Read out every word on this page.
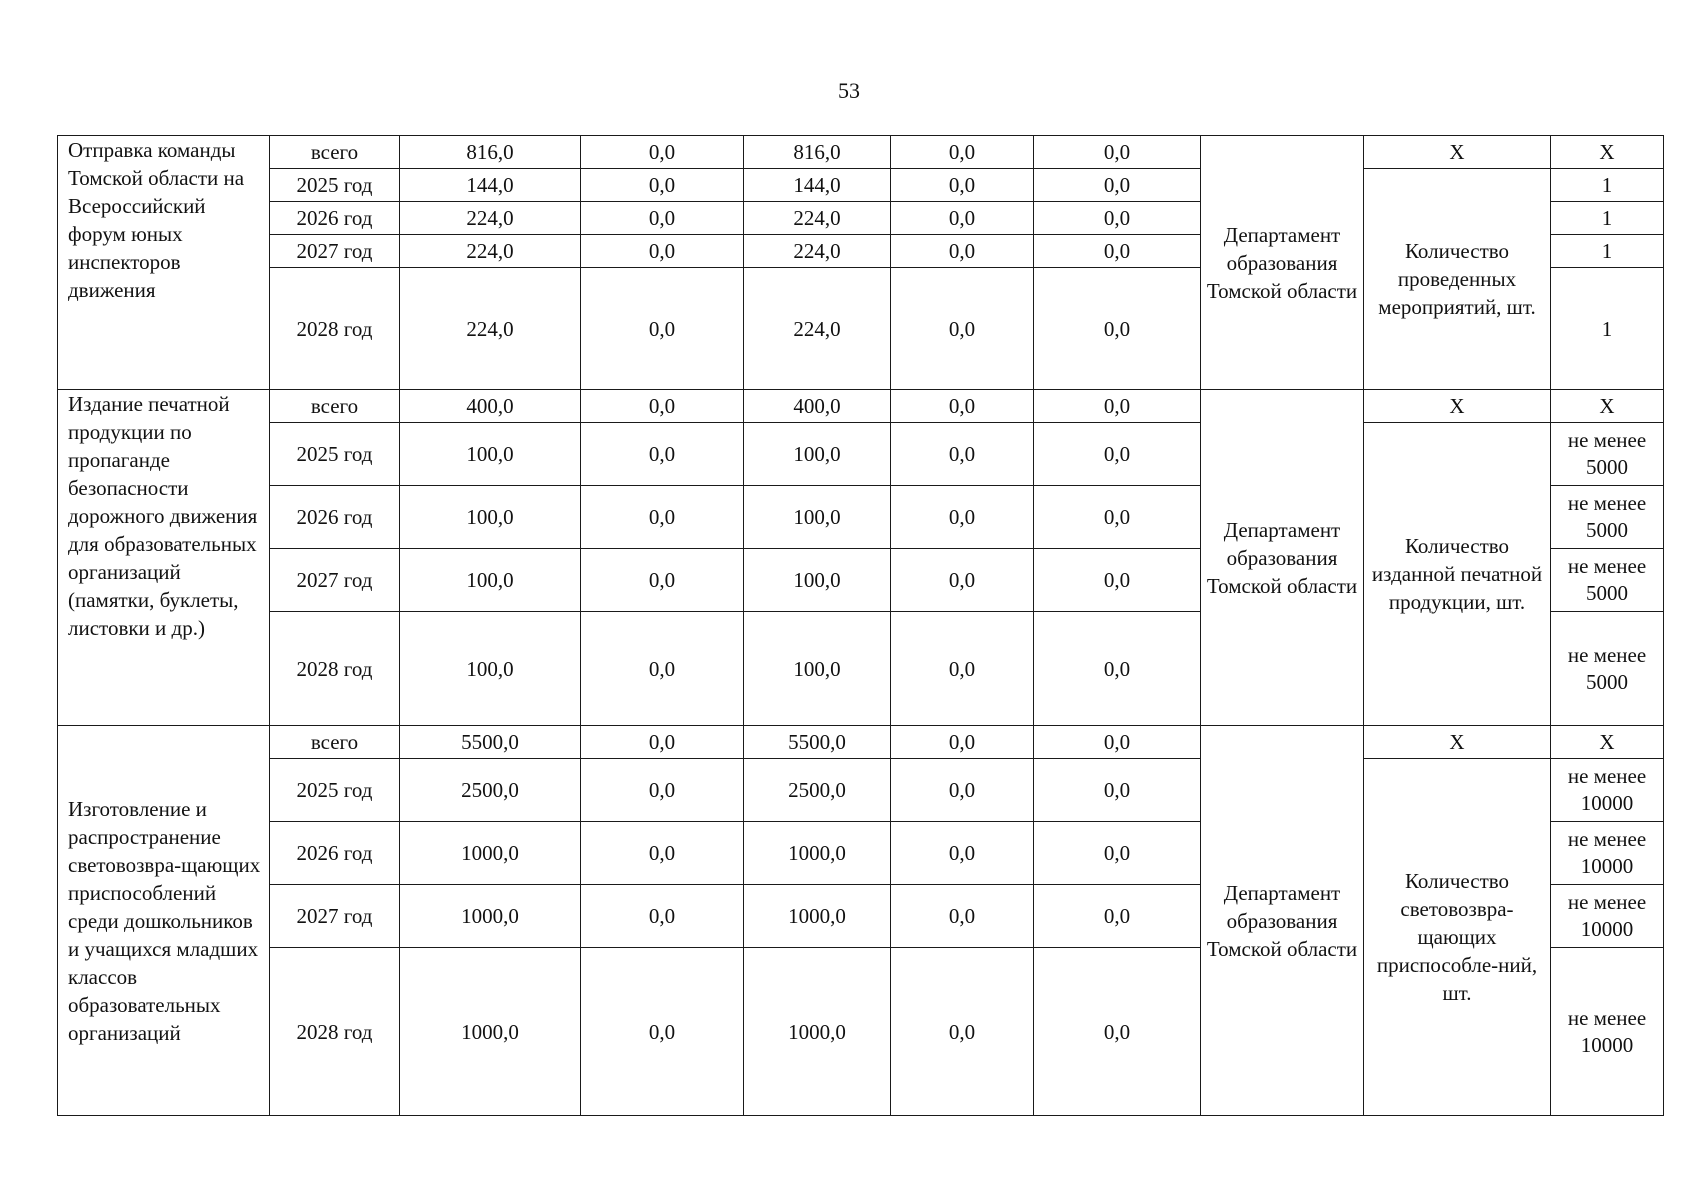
53
Отправка команды Томской области на Всероссийский форум юных инспекторов движения	всего	816,0	0,0	816,0	0,0	0,0	Департамент образования Томской области	Х	Х
	2025 год	144,0	0,0	144,0	0,0	0,0		Количество проведенных мероприятий, шт.	1
	2026 год	224,0	0,0	224,0	0,0	0,0			1
	2027 год	224,0	0,0	224,0	0,0	0,0			1
	2028 год	224,0	0,0	224,0	0,0	0,0			1
Издание печатной продукции по пропаганде безопасности дорожного движения для образовательных организаций (памятки, буклеты, листовки и др.)	всего	400,0	0,0	400,0	0,0	0,0	Департамент образования Томской области	Х	Х
	2025 год	100,0	0,0	100,0	0,0	0,0		Количество изданной печатной продукции, шт.	не менее 5000
	2026 год	100,0	0,0	100,0	0,0	0,0			не менее 5000
	2027 год	100,0	0,0	100,0	0,0	0,0			не менее 5000
	2028 год	100,0	0,0	100,0	0,0	0,0			не менее 5000
Изготовление и распространение световозвра-щающих приспособлений среди дошкольников и учащихся младших классов образовательных организаций	всего	5500,0	0,0	5500,0	0,0	0,0	Департамент образования Томской области	Х	Х
	2025 год	2500,0	0,0	2500,0	0,0	0,0		Количество световозвра-щающих приспособле-ний, шт.	не менее 10000
	2026 год	1000,0	0,0	1000,0	0,0	0,0			не менее 10000
	2027 год	1000,0	0,0	1000,0	0,0	0,0			не менее 10000
	2028 год	1000,0	0,0	1000,0	0,0	0,0			не менее 10000
